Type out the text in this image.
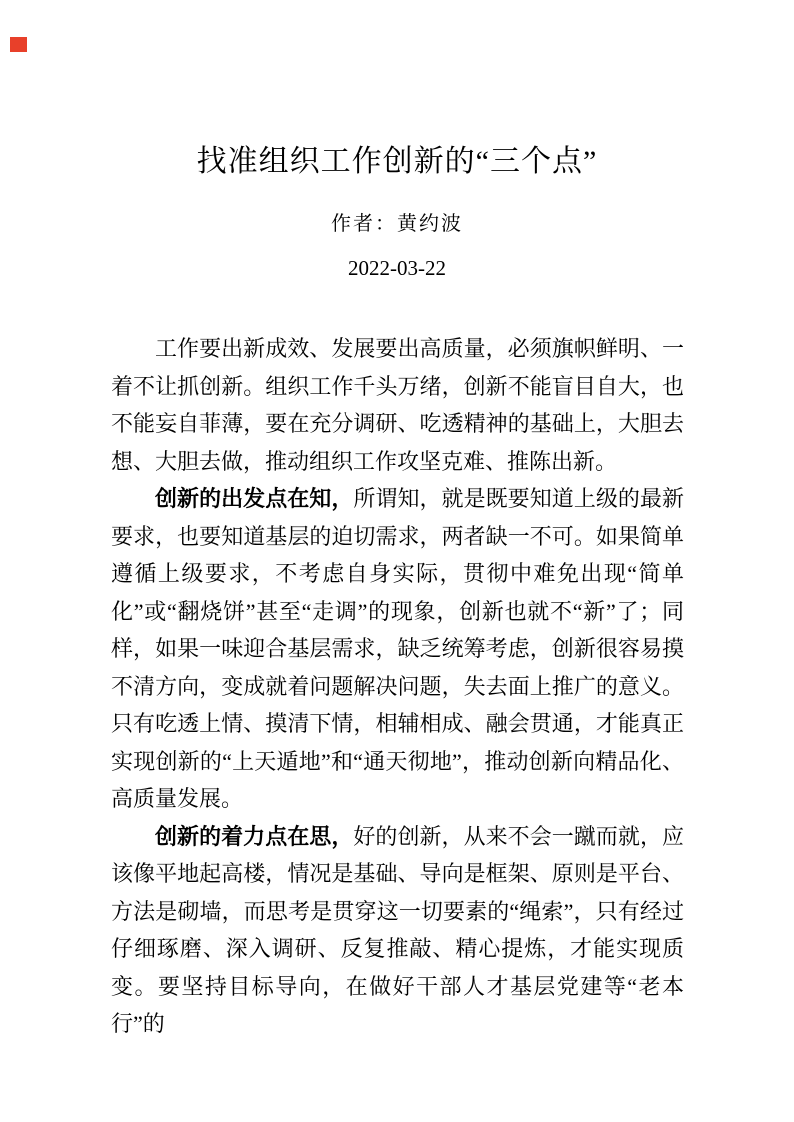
找准组织工作创新的“三个点”
作者：黄约波
2022-03-22

工作要出新成效、发展要出高质量，必须旗帜鲜明、一着不让抓创新。组织工作千头万绪，创新不能盲目自大，也不能妄自菲薄，要在充分调研、吃透精神的基础上，大胆去想、大胆去做，推动组织工作攻坚克难、推陈出新。

创新的出发点在知，所谓知，就是既要知道上级的最新要求，也要知道基层的迫切需求，两者缺一不可。如果简单遵循上级要求，不考虑自身实际，贯彻中难免出现“简单化”或“翻烧饼”甚至“走调”的现象，创新也就不“新”了；同样，如果一味迎合基层需求，缺乏统筹考虑，创新很容易摸不清方向，变成就着问题解决问题，失去面上推广的意义。只有吃透上情、摸清下情，相辅相成、融会贯通，才能真正实现创新的“上天遁地”和“通天彻地”，推动创新向精品化、高质量发展。

创新的着力点在思，好的创新，从来不会一蹴而就，应该像平地起高楼，情况是基础、导向是框架、原则是平台、方法是砌墙，而思考是贯穿这一切要素的“绳索”，只有经过仔细琢磨、深入调研、反复推敲、精心提炼，才能实现质变。要坚持目标导向，在做好干部人才基层党建等“老本行”的
